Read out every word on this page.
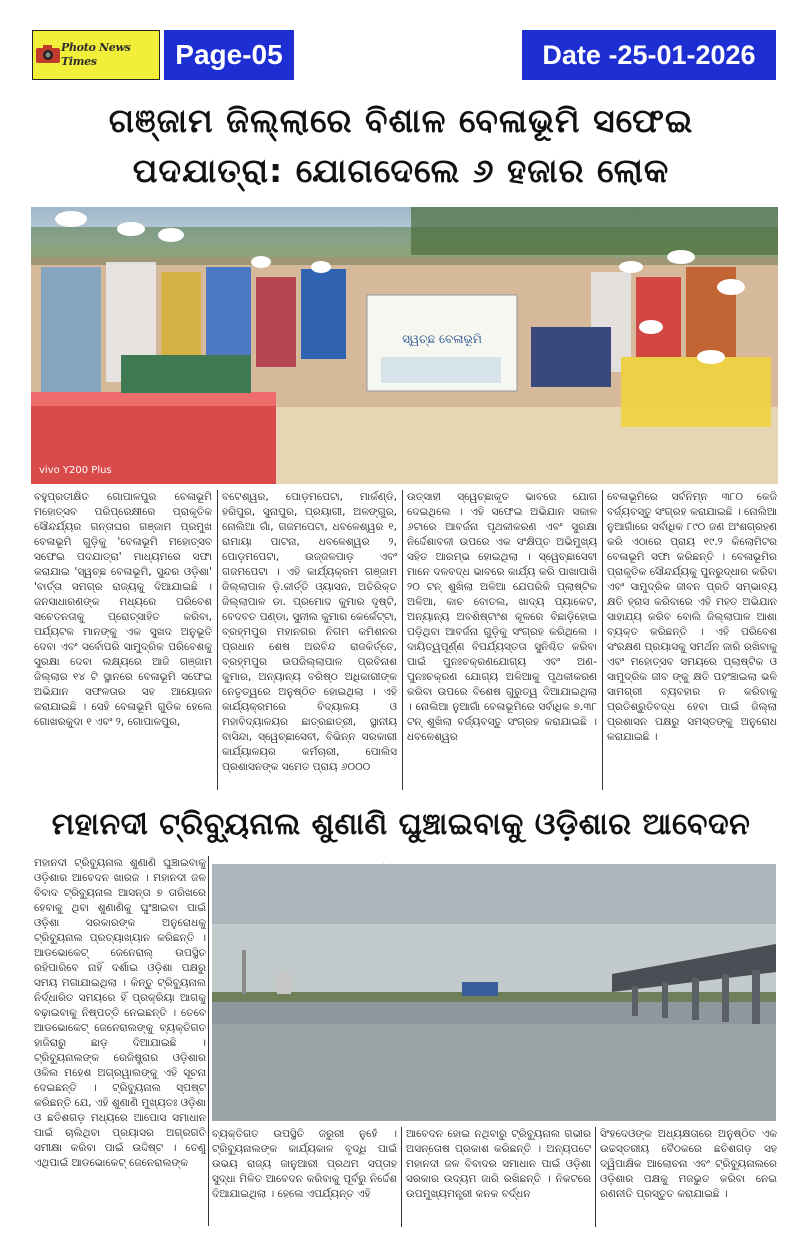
Photo News Times	Page-05	Date -25-01-2026
ଗଞ୍ଜାମ ଜିଲ୍ଲାରେ ବିଶାଳ ବେଳାଭୂମି ସଫେଇ
ପଦଯାତ୍ରା: ଯୋଗଦେଲେ ୬ ହଜାର ଲୋକ
ସ୍ୱଚ୍ଛ ବେଳାଭୂମି
vivo Y200 Plus

ବହୁପ୍ରତୀକ୍ଷିତ ଗୋପାଳପୁର ବେଳାଭୂମି ମହୋତ୍ସବ ପରିପ୍ରେକ୍ଷୀରେ ପ୍ରାକୃତିକ ସୌନ୍ଦର୍ଯ୍ୟର ଗନ୍ତାଘର ଗଞ୍ଜାମ ପ୍ରମୁଖ ବେଳାଭୂମି ଗୁଡ଼ିକୁ 'ବେଳାଭୂମି ମହୋତ୍ସବ ସଫେଇ ପଦଯାତ୍ରା' ମାଧ୍ୟମରେ ସଫା କରାଯାଇ 'ସ୍ୱଚ୍ଛ ବେଳାଭୂମି, ସୁନ୍ଦର ଓଡ଼ିଶା' 'ବାର୍ତ୍ତା ସମଗ୍ର ରାଜ୍ୟକୁ ଦିଆଯାଇଛି । ଜନସାଧାରଣଙ୍କ ମଧ୍ୟରେ ପରିବେଶ ସଚେତନତାକୁ ପ୍ରୋତ୍ସାହିତ କରିବା, ପର୍ଯ୍ୟଟକ ମାନଙ୍କୁ ଏକ ସୁଖଦ ଅନୁଭୂତି ଦେବା ଏବଂ ସର୍ବୋପରି ସାମୁଦ୍ରିକ ପରିବେଶକୁ ସୁରକ୍ଷା ଦେବା ଲକ୍ଷ୍ୟରେ ଆଜି ଗଞ୍ଜାମ ଜିଲ୍ଲାର ୧୪ ଟି ସ୍ଥାନରେ ବେଳାଭୂମି ସଫେଇ ଅଭିଯାନ ସଫଳତାର ସହ ଆୟୋଜନ କରାଯାଇଛି । ସେହି ବେଳାଭୂମି ଗୁଡିକ ହେଲେ ଗୋଖରକୁଦା ୧ ଏବଂ ୨, ଗୋପାଳପୁର,

ବଟେଶ୍ୱର, ପୋଡ଼ମପେଟା, ମାର୍କଣ୍ଡି, ହରିପୁର, ସୁନାପୁର, ପ୍ରୟାଗୀ, ଅଳଙ୍ଗୁର, ନୋଲିଆ ଗାଁ, ଗଜମପେଟା, ଧବଳେଶ୍ୱର ୧, ରାମାୟା ପାଟନା, ଧବଳେଶ୍ୱର ୨, ପୋଡ଼ମପେଟା, ଉଜ୍ଜଳପାଡ଼ ଏବଂ ଗଜମପେଟା । ଏହି କାର୍ଯ୍ୟକ୍ରମ ଗଞ୍ଜାମ ଜିଲ୍ଲାପାଳ ଡ଼ି.କୀର୍ତ୍ତି ଓ୍ୟାସନ, ଅତିରିକ୍ତ ଜିଲ୍ଲାପାଳ ଡା. ପ୍ରମୋଦ କୁମାର ଦୃଷ୍ଟି, ବେଦବତ ପଣ୍ଡା, ସୁନୀଲ କୁମାର କେର୍କେଟ୍ଟା, ବ୍ରହ୍ମପୁର ମହାନଗର ନିଗମ କମିଶନର ପ୍ରଧାନ ଶେଷ ଅରବିନ୍ଦ ରାଜକିର୍ତ୍ତେ, ବ୍ରହ୍ମପୁର ଉପଜିଲ୍ଲାପାଳ ପ୍ରବିନାଶ କୁମାର, ଅନ୍ୟାନ୍ୟ ବରିଷ୍ଠ ଅଧିକାରୀଙ୍କ ନେତୃତ୍ୱରେ ଅନୁଷ୍ଠିତ ହୋଇଥିଲା । ଏହି କାର୍ଯ୍ୟକ୍ରମରେ ବିଦ୍ୟାଳୟ ଓ ମହାବିଦ୍ୟାଳୟର ଛାତ୍ରଛାତ୍ରୀ, ସ୍ଥାନୀୟ ବାସିନ୍ଦା, ସ୍ୱେଚ୍ଛାସେବୀ, ବିଭିନ୍ନ ସରକାରୀ କାର୍ଯ୍ୟାଳୟର କର୍ମଚାରୀ, ପୋଲିସ ପ୍ରଶାସନଙ୍କ ସମେତ ପ୍ରାୟ ୬୦୦୦

ଉତ୍ସାହୀ ସ୍ୱେଚ୍ଛାକୃତ ଭାବରେ ଯୋଗ ଦେଇଥିଲେ । ଏହି ସଫେଇ ଅଭିଯାନ ସକାଳ ୬ଟାରେ ଆବର୍ଜନା ପୃଥକୀକରଣ ଏବଂ ସୁରକ୍ଷା ନିର୍ଦ୍ଦେଶାବଳୀ ଉପରେ ଏକ ସଂକ୍ଷିପ୍ତ ଅଭିମୁଖ୍ୟ ସହିତ ଆରମ୍ଭ ହୋଇଥିଲା । ସ୍ୱେଚ୍ଛାସେବୀ ମାନେ ଦଳବଦ୍ଧ ଭାବରେ କାର୍ଯ୍ୟ କରି ପାଖାପାଖି ୨୦ ଟନ୍ ଶୁଖିଲା ଅଳିଆ ଯେପରିକି ପ୍ଲାଷ୍ଟିକ ଅଳିଆ, କାଚ ବୋତଲ, ଖାଦ୍ୟ ପ୍ୟାକେଟ, ଅନ୍ୟାନ୍ୟ ଅବଶିଷ୍ଟାଂଶ କୂଳରେ ବିଛାଡ଼ିହୋଇ ପଡ଼ିଥିବା ଆବର୍ଜନା ଗୁଡ଼ିକୁ ସଂଗ୍ରହ କରିଥିଲେ । ଦାୟିତ୍ୱପୂର୍ଣ୍ଣ ବିପର୍ଯ୍ୟସ୍ତତା ସୁନିଶ୍ଚିତ କରିବା ପାଇଁ ପୁନଃଚକ୍ରଣଯୋଗ୍ୟ ଏବଂ ଅଣ-ପୁନଃଚକ୍ରଣ ଯୋଗ୍ୟ ଅଳିଆକୁ ପୃଥକୀକରଣ କରିବା ଉପରେ ବିଶେଷ ଗୁରୁତ୍ୱ ଦିଆଯାଇଥିଲା । ନୋଲିଆ ନୁଆଗାଁ ବେଳାଭୂମିରେ ସର୍ବାଧିକ ୭.୩୮ ଟନ୍ ଶୁଖିଲା ବର୍ଜ୍ୟବସ୍ତୁ ସଂଗ୍ରହ କରାଯାଇଛି । ଧବଳେଶ୍ୱର

ବେଳାଭୂମିରେ ସର୍ବନିମ୍ନ ୩୮୦ କେଜି ବର୍ଜ୍ୟବସ୍ତୁ ସଂଗ୍ରହ କରାଯାଇଛି । ନୋଲିଆ ନୁଆଗାଁରେ ସର୍ବାଧିକ ୮୯୦ ଜଣ ଅଂଶଗ୍ରହଣ କରି ଏଠାରେ ପ୍ରାୟ ୧୯.୨ କିଲୋମିଟର ବେଳାଭୂମି ସଫା କରିଛନ୍ତି । ବେଳାଭୂମିର ପ୍ରାକୃତିକ ସୌନ୍ଦର୍ଯ୍ୟକୁ ପୁନରୁଦ୍ଧାର କରିବା ଏବଂ ସାମୁଦ୍ରିକ ଜୀବନ ପ୍ରତି ସମ୍ଭାବ୍ୟ କ୍ଷତି ହ୍ରାସ କରିବାରେ ଏହି ମହତ ଅଭିଯାନ ସାହାଯ୍ୟ କରିବ ବୋଲି ଜିଲ୍ଲାପାଳ ଆଶା ବ୍ୟକ୍ତ କରିଛନ୍ତି । ଏହି ପରିବେଶ ସଂରକ୍ଷଣ ପ୍ରୟାସକୁ ସମର୍ଥନ ଜାରି ରଖିବାକୁ ଏବଂ ମହୋତ୍ସବ ସମୟରେ ପ୍ଲାଷ୍ଟିକ ଓ ସାମୁଦ୍ରିକ ଜୀବ ଙ୍କୁ କ୍ଷତି ପହଂଞ୍ଚାଇଲା ଭଳି ସାମଗ୍ରୀ ବ୍ୟବହାର ନ କରିବାକୁ ପ୍ରତିଶ୍ରୁତିବଦ୍ଧ ହେବା ପାଇଁ ଜିଲ୍ଲା ପ୍ରଶାସନ ପକ୍ଷରୁ ସମସ୍ତଙ୍କୁ ଅନୁରୋଧ କରାଯାଇଛି ।

ମହାନଦୀ ଟ୍ରିବ୍ୟୁନାଲ ଶୁଣାଣି ଘୁଞ୍ଚାଇବାକୁ ଓଡ଼ିଶାର ଆବେଦନ

ମହାନଦୀ ଟ୍ରିବ୍ୟୁନାଲ ଶୁଣାଣି ଘୁଞ୍ଚାଇବାକୁ ଓଡ଼ିଶାର ଆବେଦନ ଖାରଜ । ମହାନଦୀ ଜଳ ବିବାଦ ଟ୍ରିବ୍ୟୁନାଲ ଆସନ୍ତା ୭ ତାରିଖରେ ହେବାକୁ ଥିବା ଶୁଣାଣିକୁ ଘୁଂଞ୍ଚାଇବା ପାଇଁ ଓଡ଼ିଶା ସରକାରଙ୍କ ଅନୁରୋଧକୁ ଟ୍ରିବ୍ୟୁନାଲ ପ୍ରତ୍ୟାଖ୍ୟାନ କରିଛନ୍ତି । ଆଡଭୋକେଟ୍ ଜେନେରାଲ୍ ଉପସ୍ଥିତ ରହିପାରିବେ ନାହିଁ ଦର୍ଶାଇ ଓଡ଼ିଶା ପକ୍ଷରୁ ସମୟ ମଗାଯାଇଥିଲା । କିନ୍ତୁ ଟ୍ରିବ୍ୟୁନାଲ ନିର୍ଦ୍ଧାରିତ ସମୟରେ ହିଁ ପ୍ରକ୍ରିୟା ଆଗକୁ ବଢ଼ାଇବାକୁ ନିଷ୍ପତ୍ତି ନେଇଛନ୍ତି । ତେବେ ଆଡଭୋକେଟ୍ ଜେନେରାଲଙ୍କୁ ବ୍ୟକ୍ତିଗତ ହାଜିରାରୁ ଛାଡ଼ ଦିଆଯାଇଛି । ଟ୍ରିବ୍ୟୁନାଲଙ୍କ ରେଜିଷ୍ଟ୍ରାର ଓଡ଼ିଶାର ଓକିଲ ମହେଶ ଅଗ୍ରୱାଲଙ୍କୁ ଏହି ସୂଚନା ଦେଇଛନ୍ତି । ଟ୍ରିବ୍ୟୁନାଲ ସ୍ପଷ୍ଟ କରିଛନ୍ତି ଯେ, ଏହି ଶୁଣାଣି ମୁଖ୍ୟତଃ ଓଡ଼ିଶା ଓ ଛତିଶଗଡ଼ ମଧ୍ୟରେ ଆପୋସ ସମାଧାନ ପାଇଁ ଚାଲିଥିବା ପ୍ରୟାସର ଅଗ୍ରଗତି ସମୀକ୍ଷା କରିବା ପାଇଁ ଉଦ୍ଦିଷ୍ଟ । ତେଣୁ ଏଥିପାଇଁ ଆଡଭୋକେଟ୍ ଜେନେରାଲଙ୍କ

ବ୍ୟକ୍ତିଗତ ଉପସ୍ଥିତି ଜରୁରୀ ନୁହେଁ । ଟ୍ରିବ୍ୟୁନାଲଙ୍କ କାର୍ଯ୍ୟକାଳ ବୃଦ୍ଧି ପାଇଁ ଉଭୟ ରାଜ୍ୟ ଜାନୁଆରୀ ପ୍ରଥମ ସପ୍ତାହ ସୁଦ୍ଧା ମିଳିତ ଆବେଦନ କରିବାକୁ ପୂର୍ବରୁ ନିର୍ଦ୍ଦେଶ ଦିଆଯାଇଥିଲା । ହେଲେ ଏପର୍ଯ୍ୟନ୍ତ ଏହି

ଆବେଦନ ହୋଇ ନଥିବାରୁ ଟ୍ରିବ୍ୟୁନାଲ ଗଭୀର ଅସନ୍ତୋଷ ପ୍ରକାଶ କରିଛନ୍ତି । ଅନ୍ୟପଟେ ମହାନଦୀ ଜଳ ବିବାଦର ସମାଧାନ ପାଇଁ ଓଡ଼ିଶା ସରକାର ଉଦ୍ୟମ ଜାରି ରଖିଛନ୍ତି । ନିକଟରେ ଉପମୁଖ୍ୟମନ୍ତ୍ରୀ କନକ ବର୍ଦ୍ଧନ

ସିଂହଦେଓଙ୍କ ଅଧ୍ୟକ୍ଷତାରେ ଅନୁଷ୍ଠିତ ଏକ ଉଚ୍ଚସ୍ତରୀୟ ବୈଠକରେ ଛତିଶଗଡ଼ ସହ ଦ୍ୱିପାକ୍ଷିକ ଆଲୋଚନା ଏବଂ ଟ୍ରିବ୍ୟୁନାଲରେ ଓଡ଼ିଶାର ପକ୍ଷକୁ ମଜଭୁତ କରିବା ନେଇ ରଣନୀତି ପ୍ରସ୍ତୁତ କରାଯାଇଛି ।
